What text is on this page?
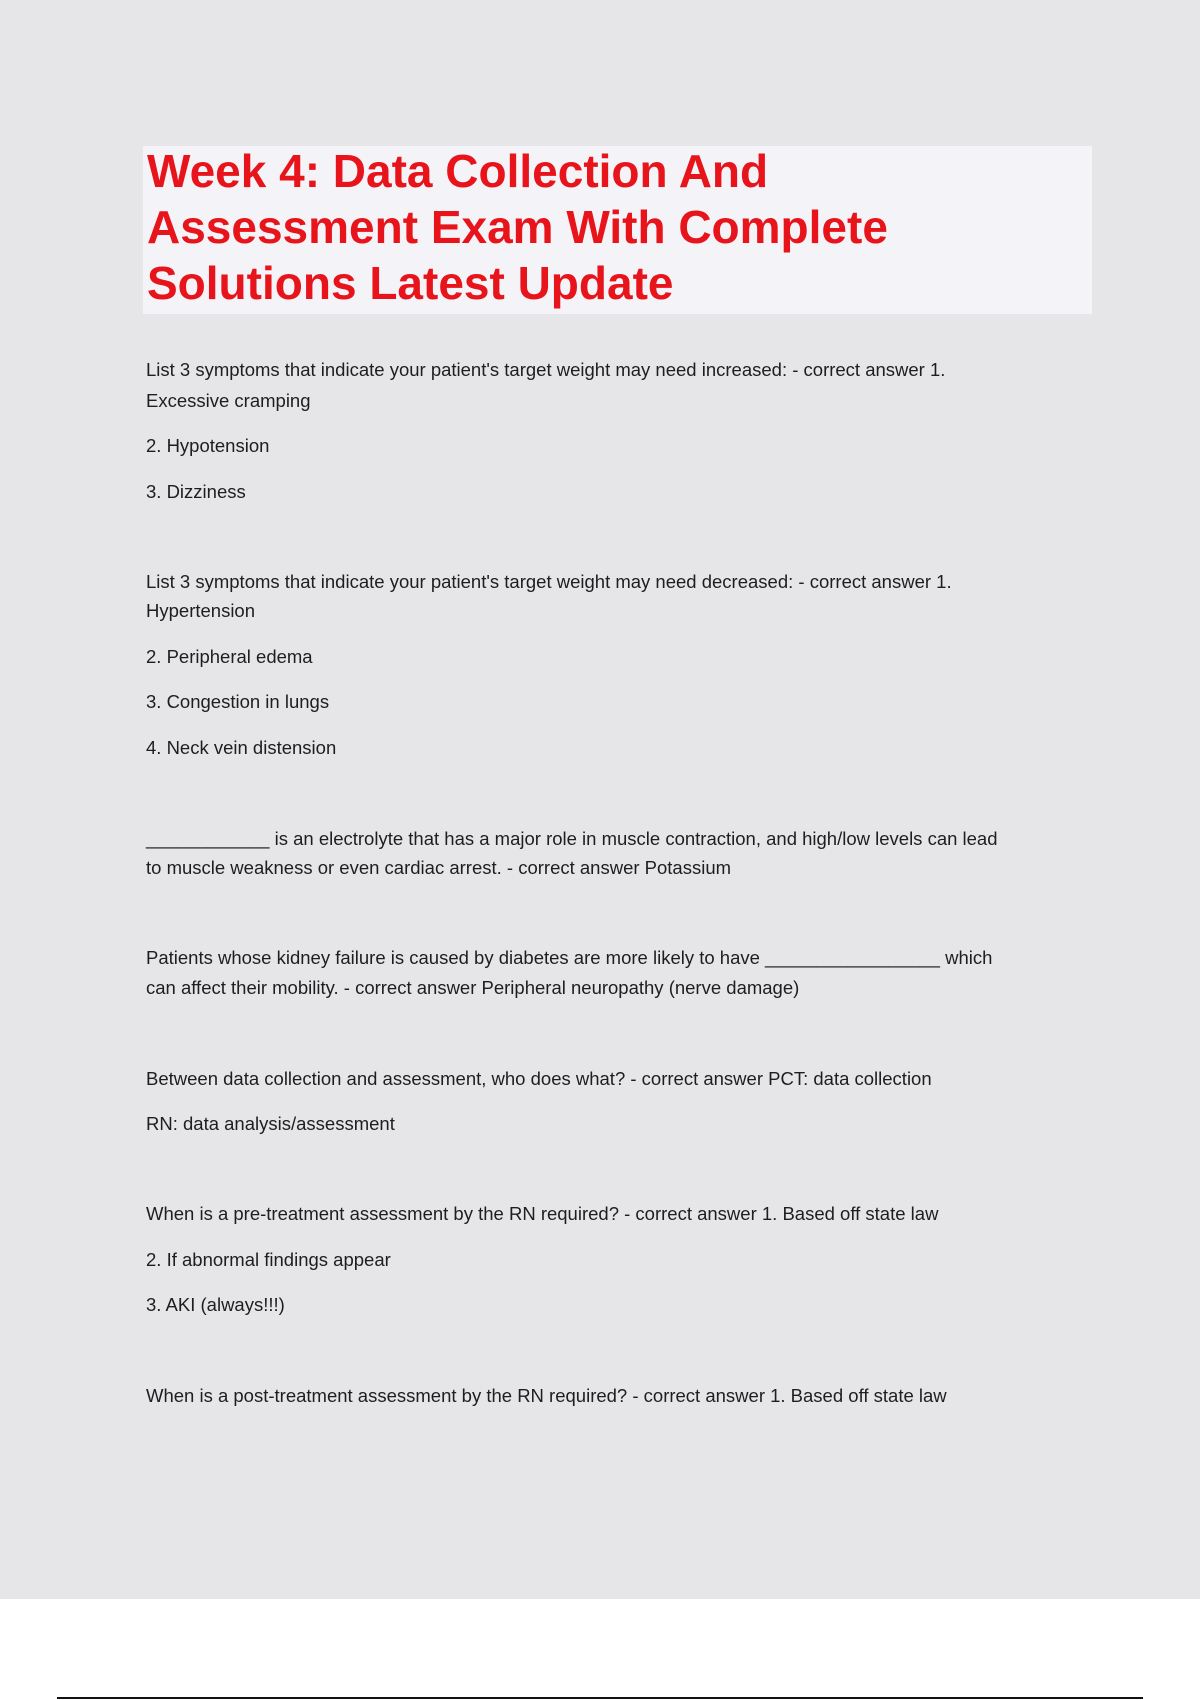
Week 4: Data Collection And
Assessment Exam With Complete
Solutions Latest Update

List 3 symptoms that indicate your patient's target weight may need increased: - correct answer 1.

Excessive cramping

2. Hypotension

3. Dizziness

List 3 symptoms that indicate your patient's target weight may need decreased: - correct answer 1.

Hypertension

2. Peripheral edema

3. Congestion in lungs

4. Neck vein distension

____________ is an electrolyte that has a major role in muscle contraction, and high/low levels can lead

to muscle weakness or even cardiac arrest. - correct answer Potassium

Patients whose kidney failure is caused by diabetes are more likely to have _________________ which

can affect their mobility. - correct answer Peripheral neuropathy (nerve damage)

Between data collection and assessment, who does what? - correct answer PCT: data collection

RN: data analysis/assessment

When is a pre-treatment assessment by the RN required? - correct answer 1. Based off state law

2. If abnormal findings appear

3. AKI (always!!!)

When is a post-treatment assessment by the RN required? - correct answer 1. Based off state law
